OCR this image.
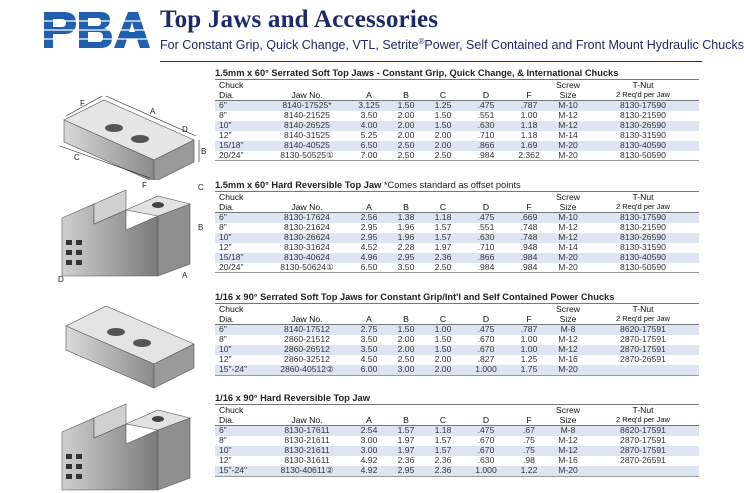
Top Jaws and Accessories
For Constant Grip, Quick Change, VTL, Setrite®Power, Self Contained and Front Mount Hydraulic Chucks
F
A
B
C
D
F	C
B
D	A
1.5mm x 60° Serrated Soft Top Jaws - Constant Grip, Quick Change, & International Chucks
Chuck							Screw	T-Nut
Dia.	Jaw No.	A	B	C	D	F	Size	2 Req'd per Jaw
6"	8140-17525*	3.125	1.50	1.25	.475	.787	M-10	8130-17590
8"	8140-21525	3.50	2.00	1.50	.551	1.00	M-12	8130-21590
10"	8140-26525	4.00	2.00	1.50	.630	1.18	M-12	8130-26590
12"	8140-31525	5.25	2.00	2.00	.710	1.18	M-14	8130-31590
15/18"	8140-40525	6.50	2.50	2.00	.866	1.69	M-20	8130-40590
20/24"	8130-50525①	7.00	2.50	2.50	.984	2.362	M-20	8130-50590
1.5mm x 60° Hard Reversible Top Jaw *Comes standard as offset points
Chuck							Screw	T-Nut
Dia.	Jaw No.	A	B	C	D	F	Size	2 Req'd per Jaw
6"	8130-17624	2.56	1.38	1.18	.475	.669	M-10	8130-17590
8"	8130-21624	2.95	1.96	1.57	.551	.748	M-12	8130-21590
10"	8130-26624	2.95	1.96	1.57	.630	.748	M-12	8130-26590
12"	8130-31624	4.52	2.28	1.97	.710	.948	M-14	8130-31590
15/18"	8130-40624	4.96	2.95	2.36	.866	.984	M-20	8130-40590
20/24"	8130-50624①	6.50	3.50	2.50	.984	.984	M-20	8130-50590
1/16 x 90° Serrated Soft Top Jaws for Constant Grip/Int'l and Self Contained Power Chucks
Chuck							Screw	T-Nut
Dia.	Jaw No.	A	B	C	D	F	Size	2 Req'd per Jaw
6"	8140-17512	2.75	1.50	1.00	.475	.787	M-8	8620-17591
8"	2860-21512	3.50	2.00	1.50	.670	1.00	M-12	2870-17591
10"	2860-26512	3.50	2.00	1.50	.670	1.00	M-12	2870-17591
12"	2860-32512	4.50	2.50	2.00	.827	1.25	M-16	2870-26591
15"-24"	2860-40512②	6.00	3.00	2.00	1.000	1.75	M-20	
1/16 x 90° Hard Reversible Top Jaw
Chuck							Screw	T-Nut
Dia.	Jaw No.	A	B	C	D	F	Size	2 Req'd per Jaw
6"	8130-17611	2.54	1.57	1.18	.475	.67	M-8	8620-17591
8"	8130-21611	3.00	1.97	1.57	.670	.75	M-12	2870-17591
10"	8130-21611	3.00	1.97	1.57	.670	.75	M-12	2870-17591
12"	8130-31611	4.92	2.36	2.36	.630	.98	M-16	2870-26591
15"-24"	8130-40611②	4.92	2.95	2.36	1.000	1.22	M-20	
